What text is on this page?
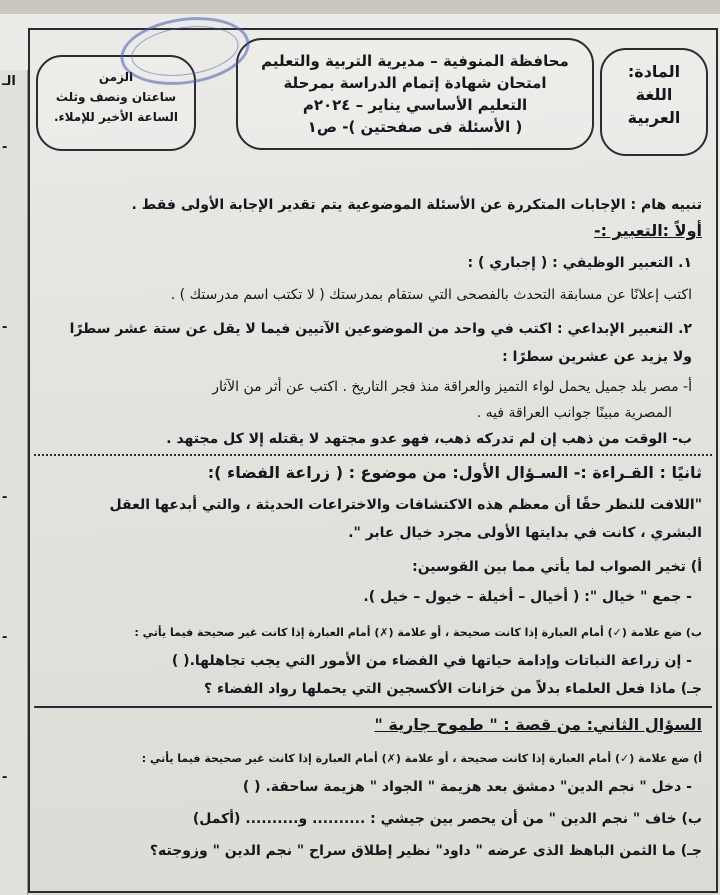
الـ
-
-
-
-
-
المادة:
اللغة
العربية
محافظة المنوفية – مديرية التربية والتعليم
امتحان شهادة إتمام الدراسة بمرحلة
التعليم الأساسي يناير – ٢٠٢٤م
( الأسئلة فى صفحتين )- ص١
الزمن
ساعتان ونصف وثلث
الساعة الأخير للإملاء.
تنبيه هام : الإجابات المتكررة عن الأسئلة الموضوعية يتم تقدير الإجابة الأولى فقط .
أولاً :التعبير :-
١. التعبير الوظيفي : ( إجباري ) :
اكتب إعلانًا عن مسابقة التحدث بالفصحى التي ستقام بمدرستك ( لا تكتب اسم مدرستك ) .
٢. التعبير الإبداعي : اكتب في واحد من الموضوعين الآتيين فيما لا يقل عن ستة عشر سطرًا
ولا يزيد عن عشرين سطرًا :
أ- مصر بلد جميل يحمل لواء التميز والعراقة منذ فجر التاريخ . اكتب عن أثر من الآثار
المصرية مبينًا جوانب العراقة فيه .
ب- الوقت من ذهب إن لم تدركه ذهب، فهو عدو مجتهد لا يقتله إلا كل مجتهد .
ثانيًا : القـراءة :- السـؤال الأول: من موضوع : ( زراعة الفضاء ):
"اللافت للنظر حقًا أن معظم هذه الاكتشافات والاختراعات الحديثة ، والتي أبدعها العقل
البشري ، كانت في بدايتها الأولى مجرد خيال عابر ".
أ) تخير الصواب لما يأتي مما بين القوسين:
- جمع " خيال ": ( أخيال – أخيلة – خيول – خيل ).
ب) ضع علامة (✓) أمام العبارة إذا كانت صحيحة ، أو علامة (✗) أمام العبارة إذا كانت غير صحيحة فيما يأتي :
- إن زراعة النباتات وإدامة حياتها في الفضاء من الأمور التي يجب تجاهلها.( )
جـ) ماذا فعل العلماء بدلاً من خزانات الأكسجين التي يحملها رواد الفضاء ؟
السؤال الثاني: من قصة : " طموح جارية "
أ) ضع علامة (✓) أمام العبارة إذا كانت صحيحة ، أو علامة (✗) أمام العبارة إذا كانت غير صحيحة فيما يأتي :
- دخل " نجم الدين" دمشق بعد هزيمة " الجواد " هزيمة ساحقة. ( )
ب) خاف " نجم الدين " من أن يحصر بين جيشي : .......... و.......... (أكمل)
جـ) ما الثمن الباهظ الذى عرضه " داود" نظير إطلاق سراح " نجم الدين " وزوجته؟
